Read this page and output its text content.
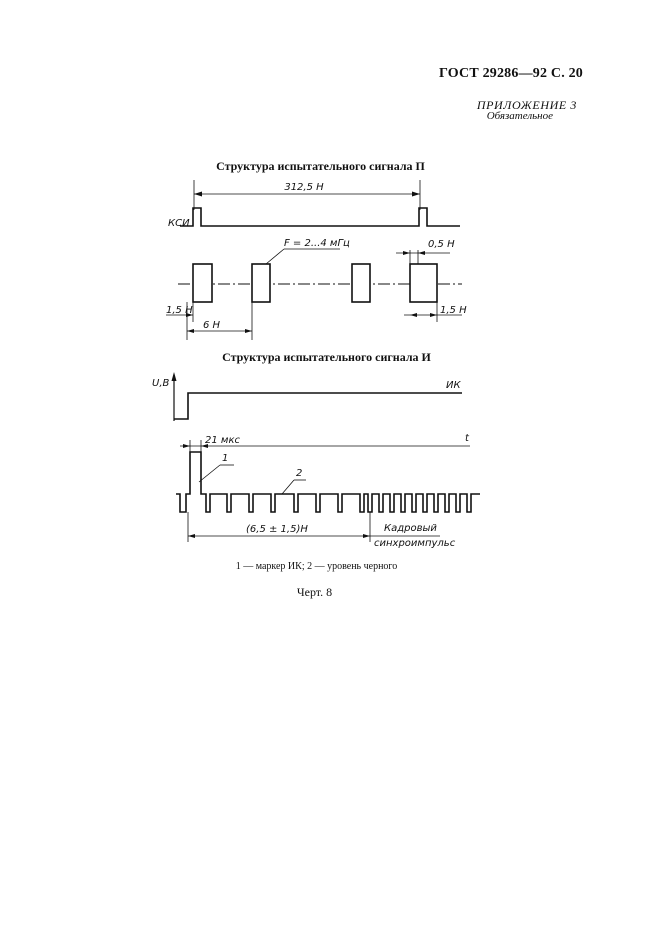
ГОСТ 29286—92 С. 20
ПРИЛОЖЕНИЕ 3
Обязательное
Структура испытательного сигнала П
Структура испытательного сигнала И
312,5 Н
КСИ
F = 2...4 мГц	0,5 Н
1,5 Н
6 Н
1,5 Н
U,B	ИК
t
21 мкс
1
2
(6,5 ± 1,5)Н	Кадровый
синхроимпульс
1 — маркер ИК; 2 — уровень черного
Черт. 8
